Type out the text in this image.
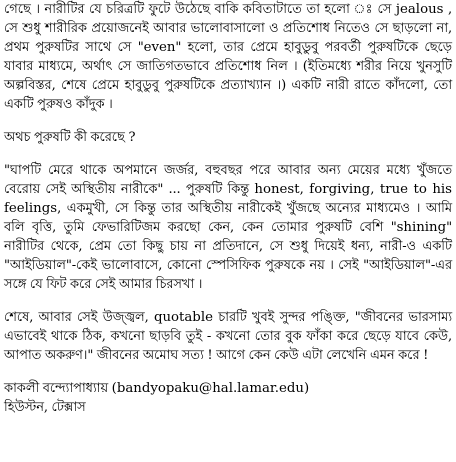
গেছে । নারীটির যে চরিত্রটি ফুটে উঠেছে বাকি কবিতাটাতে তা হলো ঃ সে jealous , সে শুধু শারীরিক প্রয়োজনেই আবার ভালোবাসালো ও প্রতিশোধ নিতেও সে ছাড়লো না, প্রথম পুরুষটির সাথে সে "even" হলো, তার প্রেমে হাবুডুবু পরবর্তী পুরুষটিকে ছেড়ে যাবার মাধ্যমে, অর্থাৎ সে জাতিগতভাবে প্রতিশোধ নিল । (ইতিমধ্যে শরীর নিয়ে খুনসুটি অল্পবিস্তর, শেষে প্রেমে হাবুডুবু পুরুষটিকে প্রত্যাখ্যান ।) একটি নারী রাতে কাঁদলো, তো একটি পুরুষও কাঁদুক ।

অথচ পুরুষটি কী করেছে ?

"ঘাপটি মেরে থাকে অপমানে জর্জর, বহুবছর পরে আবার অন্য মেয়ের মধ্যে খুঁজতে বেরোয় সেই অস্থিতীয় নারীকে" ... পুরুষটি কিন্তু honest, forgiving, true to his feelings, একমুখী, সে কিন্তু তার অস্থিতীয় নারীকেই খুঁজছে অন্যের মাধ্যমেও । আমি বলি বৃত্তি, তুমি ফেভারিটিজম করছো কেন, কেন তোমার পুরুষটি বেশি "shining" নারীটির থেকে, প্রেম তো কিছু চায় না প্রতিদানে, সে শুধু দিয়েই ধন্য, নারী-ও একটি "আইডিয়াল"-কেই ভালোবাসে, কোনো স্পেসিফিক পুরুষকে নয় । সেই "আইডিয়াল"-এর সঙ্গে যে ফিট করে সেই আমার চিরসখা ।

শেষে, আবার সেই উজ্জ্বল, quotable চারটি খুবই সুন্দর পঙ্ক্তি, "জীবনের ভারসাম্য এভাবেই থাকে ঠিক, কখনো ছাড়বি তুই - কখনো তোর বুক ফাঁকা করে ছেড়ে যাবে কেউ, আপাত অকরুণ।" জীবনের অমোঘ সত্য ! আগে কেন কেউ এটা লেখেনি এমন করে !

কাকলী বন্দ্যোপাধ্যায় (bandyopaku@hal.lamar.edu)

হিউস্টন, টেক্সাস
